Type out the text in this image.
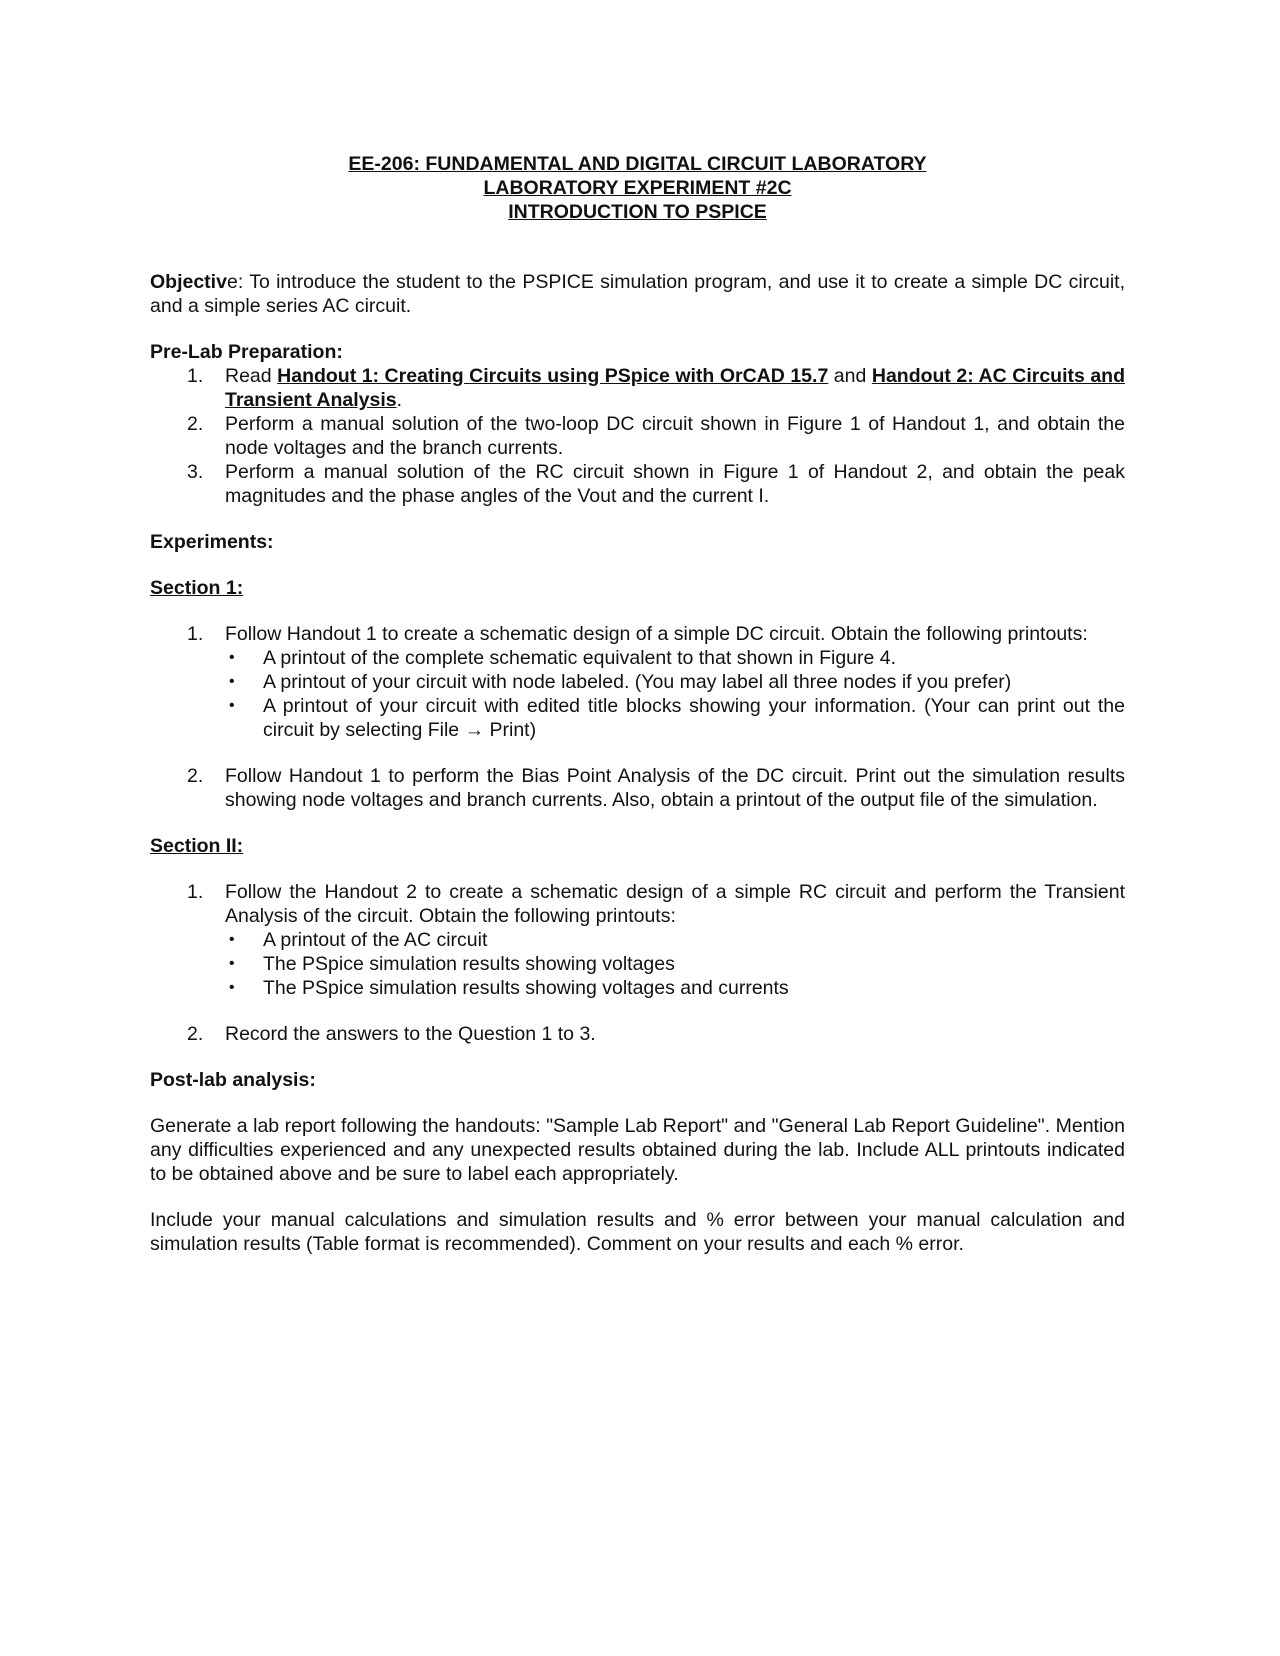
EE-206: FUNDAMENTAL AND DIGITAL CIRCUIT LABORATORY
LABORATORY EXPERIMENT #2C
INTRODUCTION TO PSPICE

Objective: To introduce the student to the PSPICE simulation program, and use it to create a simple DC circuit, and a simple series AC circuit.

Pre-Lab Preparation:

1. Read Handout 1: Creating Circuits using PSpice with OrCAD 15.7 and Handout 2: AC Circuits and Transient Analysis.
2. Perform a manual solution of the two-loop DC circuit shown in Figure 1 of Handout 1, and obtain the node voltages and the branch currents.
3. Perform a manual solution of the RC circuit shown in Figure 1 of Handout 2, and obtain the peak magnitudes and the phase angles of the Vout and the current I.

Experiments:

Section 1:

1. Follow Handout 1 to create a schematic design of a simple DC circuit. Obtain the following printouts:
• A printout of the complete schematic equivalent to that shown in Figure 4.
• A printout of your circuit with node labeled. (You may label all three nodes if you prefer)
• A printout of your circuit with edited title blocks showing your information. (Your can print out the circuit by selecting File → Print)
2. Follow Handout 1 to perform the Bias Point Analysis of the DC circuit. Print out the simulation results showing node voltages and branch currents. Also, obtain a printout of the output file of the simulation.

Section II:

1. Follow the Handout 2 to create a schematic design of a simple RC circuit and perform the Transient Analysis of the circuit. Obtain the following printouts:
• A printout of the AC circuit
• The PSpice simulation results showing voltages
• The PSpice simulation results showing voltages and currents
2. Record the answers to the Question 1 to 3.

Post-lab analysis:

Generate a lab report following the handouts: "Sample Lab Report" and "General Lab Report Guideline". Mention any difficulties experienced and any unexpected results obtained during the lab. Include ALL printouts indicated to be obtained above and be sure to label each appropriately.

Include your manual calculations and simulation results and % error between your manual calculation and simulation results (Table format is recommended). Comment on your results and each % error.
